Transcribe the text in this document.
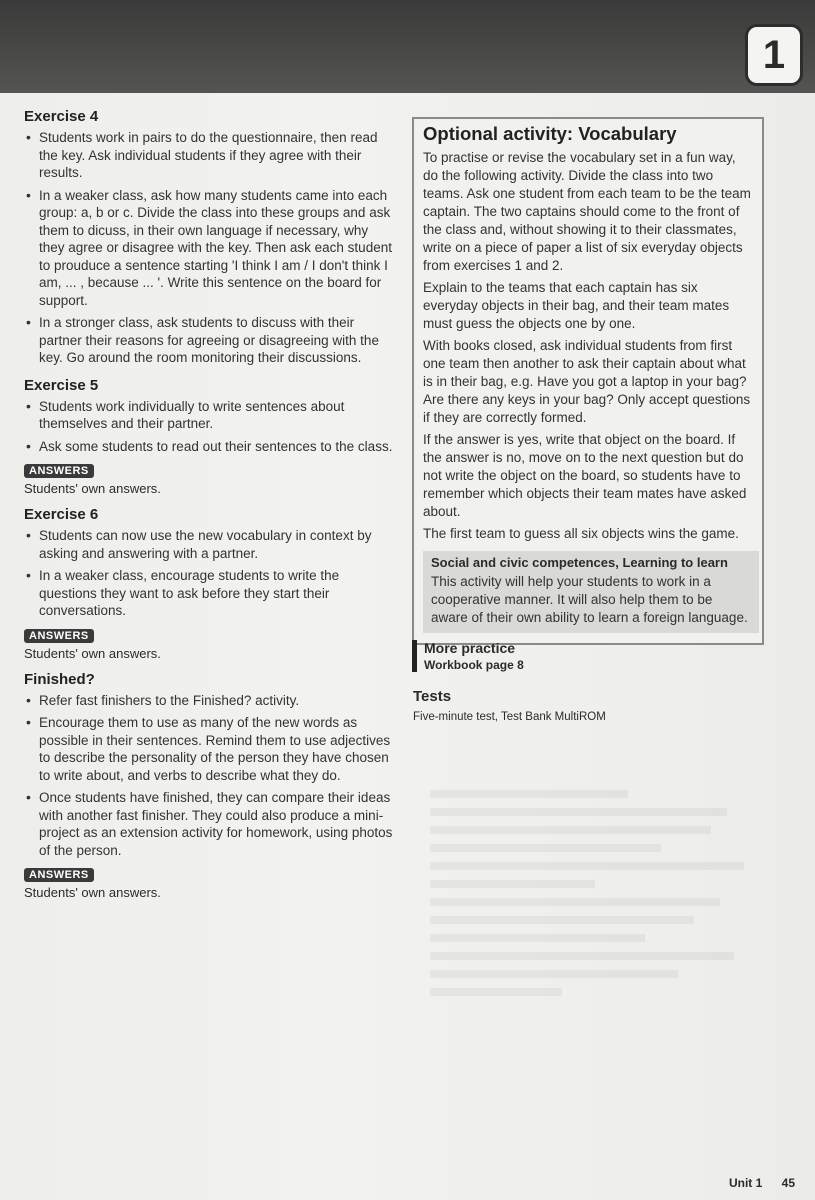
1
Exercise 4
• Students work in pairs to do the questionnaire, then read the key. Ask individual students if they agree with their results.
• In a weaker class, ask how many students came into each group: a, b or c. Divide the class into these groups and ask them to dicuss, in their own language if necessary, why they agree or disagree with the key. Then ask each student to prouduce a sentence starting 'I think I am / I don't think I am, ... , because ... '. Write this sentence on the board for support.
• In a stronger class, ask students to discuss with their partner their reasons for agreeing or disagreeing with the key. Go around the room monitoring their discussions.
Exercise 5
• Students work individually to write sentences about themselves and their partner.
• Ask some students to read out their sentences to the class.
ANSWERS
Students' own answers.
Exercise 6
• Students can now use the new vocabulary in context by asking and answering with a partner.
• In a weaker class, encourage students to write the questions they want to ask before they start their conversations.
ANSWERS
Students' own answers.
Finished?
• Refer fast finishers to the Finished? activity.
• Encourage them to use as many of the new words as possible in their sentences. Remind them to use adjectives to describe the personality of the person they have chosen to write about, and verbs to describe what they do.
• Once students have finished, they can compare their ideas with another fast finisher. They could also produce a mini-project as an extension activity for homework, using photos of the person.
ANSWERS
Students' own answers.
Optional activity: Vocabulary

To practise or revise the vocabulary set in a fun way, do the following activity. Divide the class into two teams. Ask one student from each team to be the team captain. The two captains should come to the front of the class and, without showing it to their classmates, write on a piece of paper a list of six everyday objects from exercises 1 and 2.

Explain to the teams that each captain has six everyday objects in their bag, and their team mates must guess the objects one by one.

With books closed, ask individual students from first one team then another to ask their captain about what is in their bag, e.g. Have you got a laptop in your bag? Are there any keys in your bag? Only accept questions if they are correctly formed.

If the answer is yes, write that object on the board. If the answer is no, move on to the next question but do not write the object on the board, so students have to remember which objects their team mates have asked about.

The first team to guess all six objects wins the game.

Social and civic competences, Learning to learn

This activity will help your students to work in a cooperative manner. It will also help them to be aware of their own ability to learn a foreign language.

More practice
Workbook page 8
Tests
Five-minute test, Test Bank MultiROM
Unit 1 45
